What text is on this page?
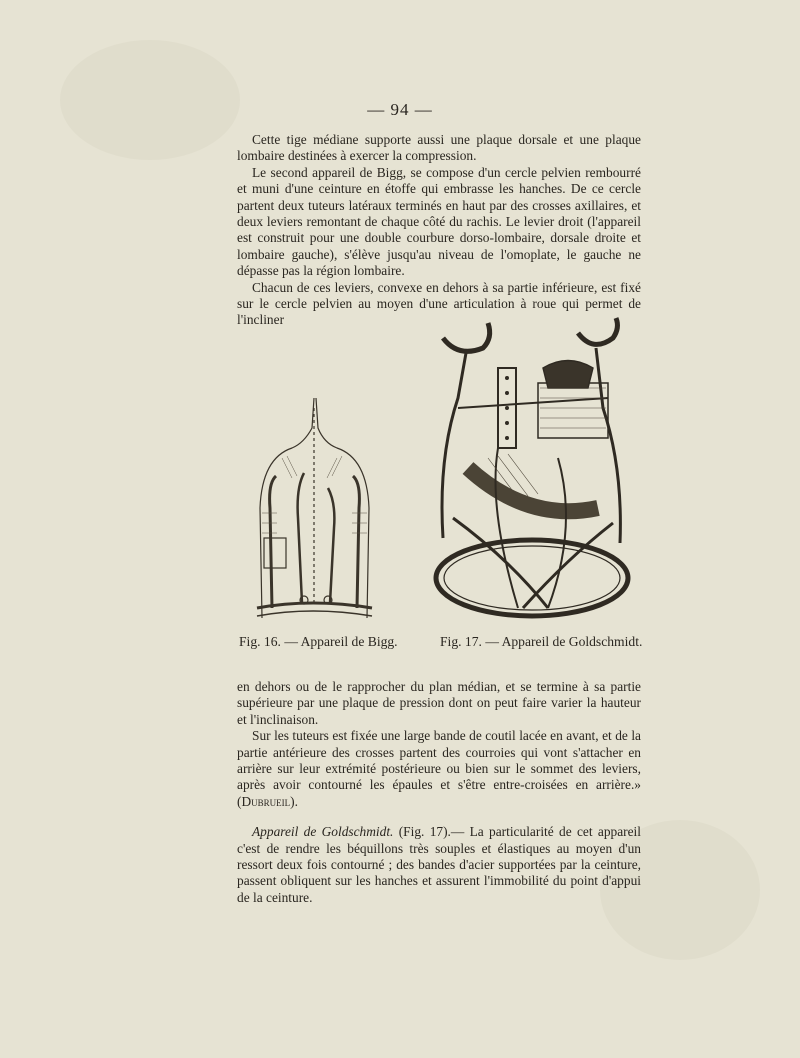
— 94 —

Cette tige médiane supporte aussi une plaque dorsale et une plaque lombaire destinées à exercer la compression.

Le second appareil de Bigg, se compose d'un cercle pelvien rembourré et muni d'une ceinture en étoffe qui embrasse les hanches. De ce cercle partent deux tuteurs latéraux terminés en haut par des crosses axillaires, et deux leviers remontant de chaque côté du rachis. Le levier droit (l'appareil est construit pour une double courbure dorso-lombaire, dorsale droite et lombaire gauche), s'élève jusqu'au niveau de l'omoplate, le gauche ne dépasse pas la région lombaire.

Chacun de ces leviers, convexe en dehors à sa partie inférieure, est fixé sur le cercle pelvien au moyen d'une articulation à roue qui permet de l'incliner

Fig. 16. — Appareil de Bigg.	Fig. 17. — Appareil de Goldschmidt.

en dehors ou de le rapprocher du plan médian, et se termine à sa partie supérieure par une plaque de pression dont on peut faire varier la hauteur et l'inclinaison.

Sur les tuteurs est fixée une large bande de coutil lacée en avant, et de la partie antérieure des crosses partent des courroies qui vont s'attacher en arrière sur leur extrémité postérieure ou bien sur le sommet des leviers, après avoir contourné les épaules et s'être entre-croisées en arrière.» (Dubrueil).

Appareil de Goldschmidt. (Fig. 17).— La particularité de cet appareil c'est de rendre les béquillons très souples et élastiques au moyen d'un ressort deux fois contourné ; des bandes d'acier supportées par la ceinture, passent obliquent sur les hanches et assurent l'immobilité du point d'appui de la ceinture.
